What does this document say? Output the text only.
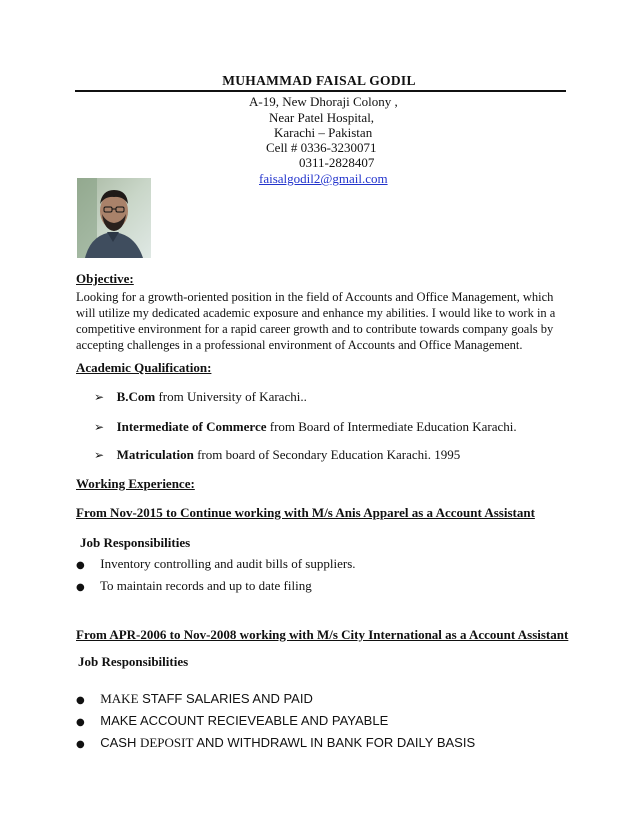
MUHAMMAD FAISAL GODIL
A-19, New Dhoraji Colony ,
Near Patel Hospital,
Karachi – Pakistan
Cell # 0336-3230071
0311-2828407
faisalgodil2@gmail.com
Objective:
Looking for a growth-oriented position in the field of Accounts and Office Management, which
will utilize my dedicated academic exposure and enhance my abilities. I would like to work in a
competitive environment for a rapid career growth and to contribute towards company goals by
accepting challenges in a professional environment of Accounts and Office Management.
Academic Qualification:
➢ B.Com from University of Karachi..
➢ Intermediate of Commerce from Board of Intermediate Education Karachi.
➢ Matriculation from board of Secondary Education Karachi. 1995
Working Experience:
From Nov-2015 to Continue working with M/s Anis Apparel as a Account Assistant
Job Responsibilities
● Inventory controlling and audit bills of suppliers.
● To maintain records and up to date filing
From APR-2006 to Nov-2008 working with M/s City International as a Account Assistant
Job Responsibilities
● MAKE STAFF SALARIES AND PAID
● MAKE ACCOUNT RECIEVEABLE AND PAYABLE
● CASH DEPOSIT AND WITHDRAWL IN BANK FOR DAILY BASIS
